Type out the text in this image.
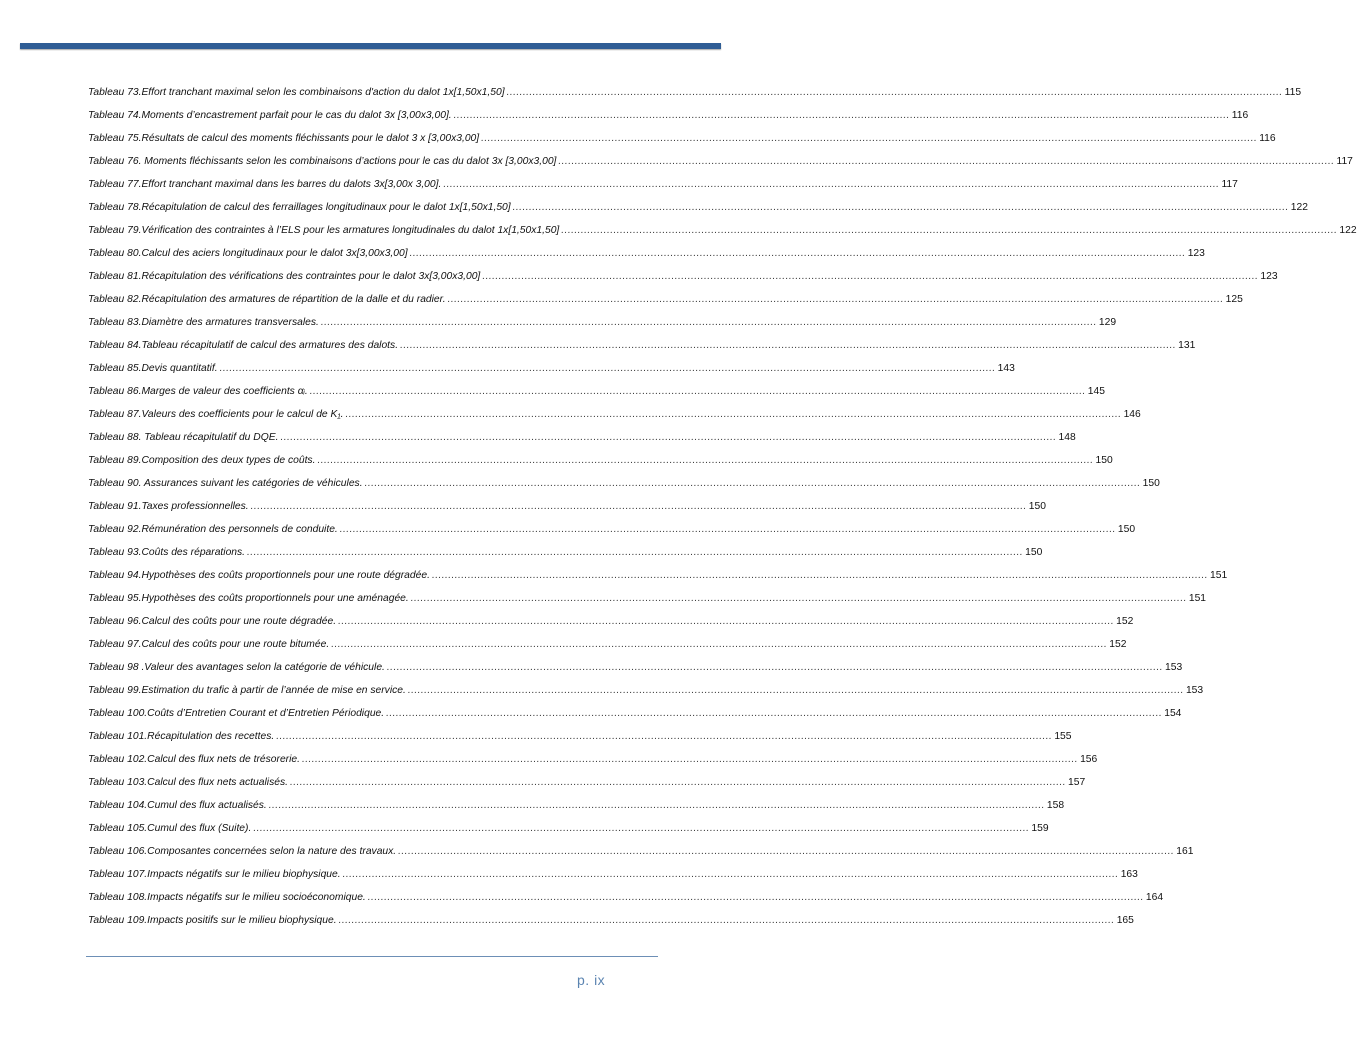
Tableau 73.Effort tranchant maximal selon les combinaisons d'action du dalot 1x[1,50x1,50] .....	115
Tableau 74.Moments d’encastrement parfait pour le cas du dalot 3x [3,00x3,00]. .....	116
Tableau 75.Résultats de calcul des moments fléchissants pour le dalot 3 x [3,00x3,00] .....	116
Tableau 76. Moments fléchissants selon les combinaisons d’actions pour le cas du dalot 3x [3,00x3,00] .....	117
Tableau 77.Effort tranchant maximal dans les barres du dalots 3x[3,00x 3,00]. .....	117
Tableau 78.Récapitulation de calcul des ferraillages longitudinaux pour le dalot 1x[1,50x1,50] .....	122
Tableau 79.Vérification des contraintes à l’ELS pour les armatures longitudinales du dalot 1x[1,50x1,50] .....	122
Tableau 80.Calcul des aciers longitudinaux pour le dalot 3x[3,00x3,00] .....	123
Tableau 81.Récapitulation des vérifications des contraintes pour le dalot 3x[3,00x3,00] .....	123
Tableau 82.Récapitulation des armatures de répartition de la dalle et du radier. .....	125
Tableau 83.Diamètre des armatures transversales. .....	129
Tableau 84.Tableau récapitulatif de calcul des armatures des dalots. .....	131
Tableau 85.Devis quantitatif. .....	143
Tableau 86.Marges de valeur des coefficients αᵢ. .....	145
Tableau 87.Valeurs des coefficients pour le calcul de K₁. .....	146
Tableau 88. Tableau récapitulatif du DQE. .....	148
Tableau 89.Composition des deux types de coûts. .....	150
Tableau 90. Assurances suivant les catégories de véhicules. .....	150
Tableau 91.Taxes professionnelles. .....	150
Tableau 92.Rémunération des personnels de conduite. .....	150
Tableau 93.Coûts des réparations. .....	150
Tableau 94.Hypothèses des coûts proportionnels pour une route dégradée. .....	151
Tableau 95.Hypothèses des coûts proportionnels pour une aménagée. .....	151
Tableau 96.Calcul des coûts pour une route dégradée. .....	152
Tableau 97.Calcul des coûts pour une route bitumée. .....	152
Tableau 98 .Valeur des avantages selon la catégorie de véhicule. .....	153
Tableau 99.Estimation du trafic à partir de l’année de mise en service. .....	153
Tableau 100.Coûts d’Entretien Courant et d’Entretien Périodique. .....	154
Tableau 101.Récapitulation des recettes. .....	155
Tableau 102.Calcul des flux nets de trésorerie. .....	156
Tableau 103.Calcul des flux nets actualisés. .....	157
Tableau 104.Cumul des flux actualisés. .....	158
Tableau 105.Cumul des flux (Suite). .....	159
Tableau 106.Composantes concernées selon la nature des travaux. .....	161
Tableau 107.Impacts négatifs sur le milieu biophysique. .....	163
Tableau 108.Impacts négatifs sur le milieu socioéconomique. .....	164
Tableau 109.Impacts positifs sur le milieu biophysique. .....	165
p. ix
